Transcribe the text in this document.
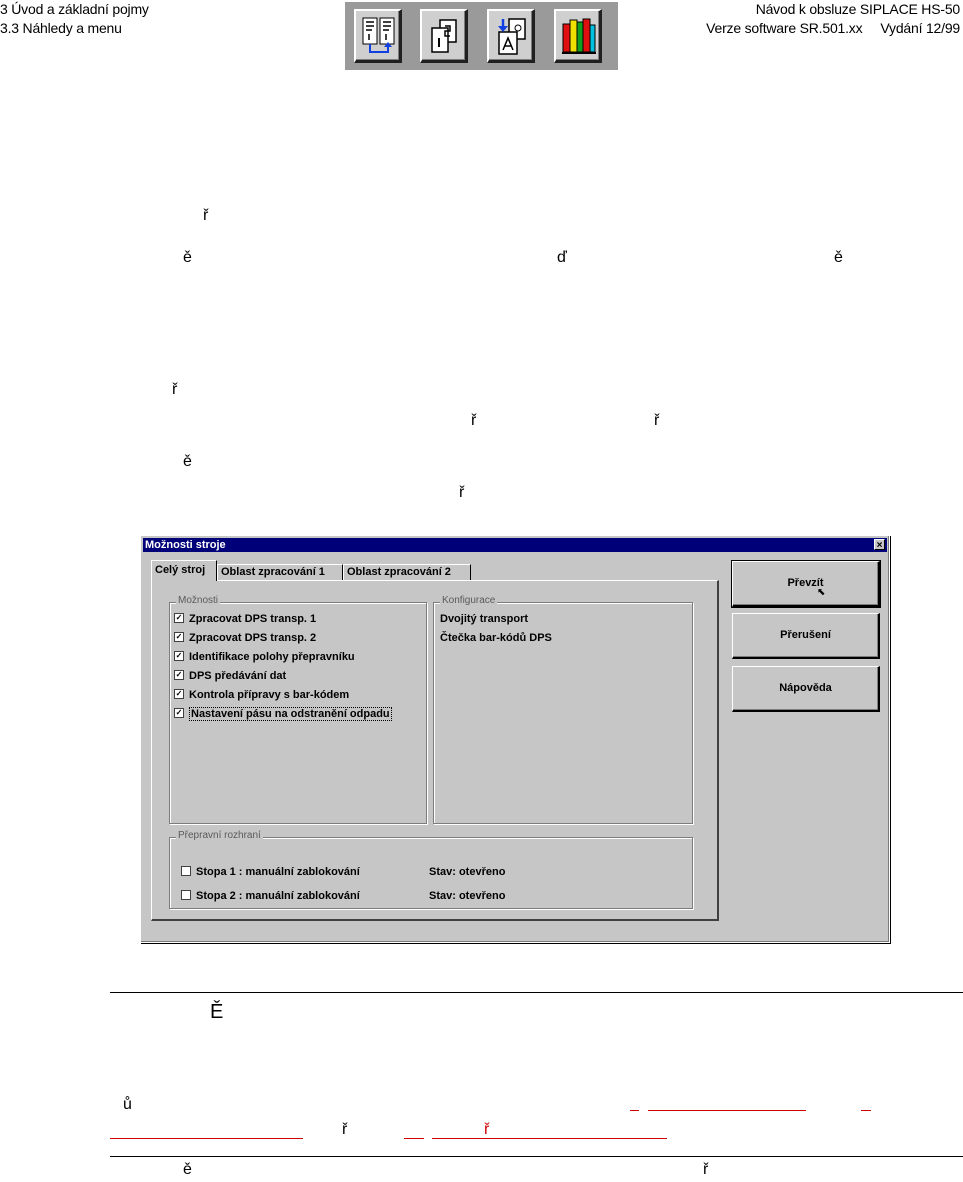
3 Úvod a základní pojmy
3.3 Náhledy a menu
Návod k obsluze SIPLACE HS-50
Verze software SR.501.xx Vydání 12/99
ř
ě	ď	ě
ř
ř	ř
ě
ř
Možnosti stroje	×
Celý stroj	Oblast zpracování 1	Oblast zpracování 2
Možnosti
✓ Zpracovat DPS transp. 1
✓ Zpracovat DPS transp. 2
✓ Identifikace polohy přepravníku
✓ DPS předávání dat
✓ Kontrola přípravy s bar-kódem
✓ Nastavení pásu na odstranění odpadu
Konfigurace
Dvojitý transport
Čtečka bar-kódů DPS
Přepravní rozhraní
Stopa 1 : manuální zablokování	Stav: otevřeno
Stopa 2 : manuální zablokování	Stav: otevřeno
Převzít
⬉
Přerušení
Nápověda
Ě
ů
ř	ř
ě	ř
